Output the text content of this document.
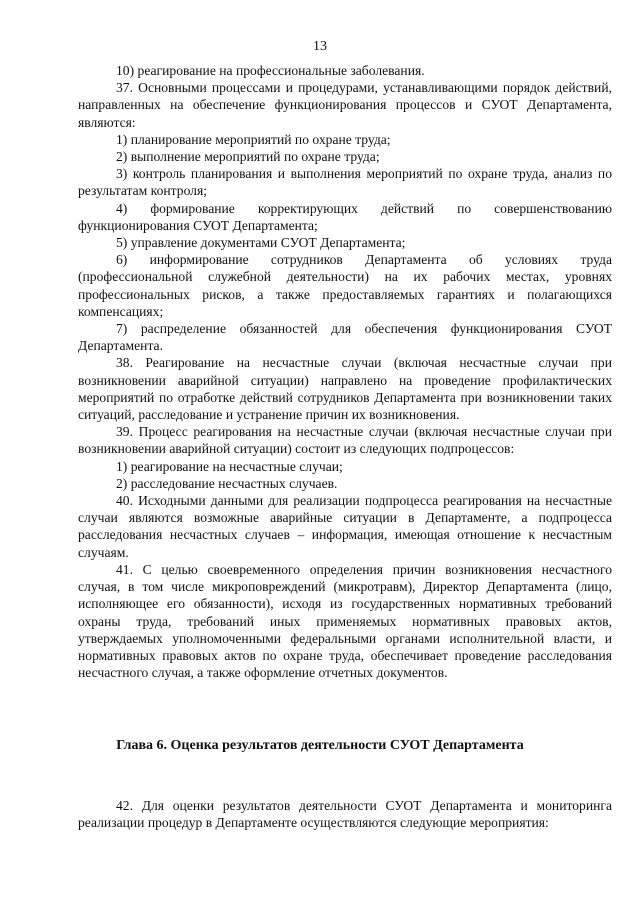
13

10) реагирование на профессиональные заболевания.

37. Основными процессами и процедурами, устанавливающими порядок действий, направленных на обеспечение функционирования процессов и СУОТ Департамента, являются:

1) планирование мероприятий по охране труда;

2) выполнение мероприятий по охране труда;

3) контроль планирования и выполнения мероприятий по охране труда, анализ по результатам контроля;

4) формирование корректирующих действий по совершенствованию функционирования СУОТ Департамента;

5) управление документами СУОТ Департамента;

6) информирование сотрудников Департамента об условиях труда (профессиональной служебной деятельности) на их рабочих местах, уровнях профессиональных рисков, а также предоставляемых гарантиях и полагающихся компенсациях;

7) распределение обязанностей для обеспечения функционирования СУОТ Департамента.

38. Реагирование на несчастные случаи (включая несчастные случаи при возникновении аварийной ситуации) направлено на проведение профилактических мероприятий по отработке действий сотрудников Департамента при возникновении таких ситуаций, расследование и устранение причин их возникновения.

39. Процесс реагирования на несчастные случаи (включая несчастные случаи при возникновении аварийной ситуации) состоит из следующих подпроцессов:

1) реагирование на несчастные случаи;

2) расследование несчастных случаев.

40. Исходными данными для реализации подпроцесса реагирования на несчастные случаи являются возможные аварийные ситуации в Департаменте, а подпроцесса расследования несчастных случаев – информация, имеющая отношение к несчастным случаям.

41. С целью своевременного определения причин возникновения несчастного случая, в том числе микроповреждений (микротравм), Директор Департамента (лицо, исполняющее его обязанности), исходя из государственных нормативных требований охраны труда, требований иных применяемых нормативных правовых актов, утверждаемых уполномоченными федеральными органами исполнительной власти, и нормативных правовых актов по охране труда, обеспечивает проведение расследования несчастного случая, а также оформление отчетных документов.

Глава 6. Оценка результатов деятельности СУОТ Департамента

42. Для оценки результатов деятельности СУОТ Департамента и мониторинга реализации процедур в Департаменте осуществляются следующие мероприятия:
